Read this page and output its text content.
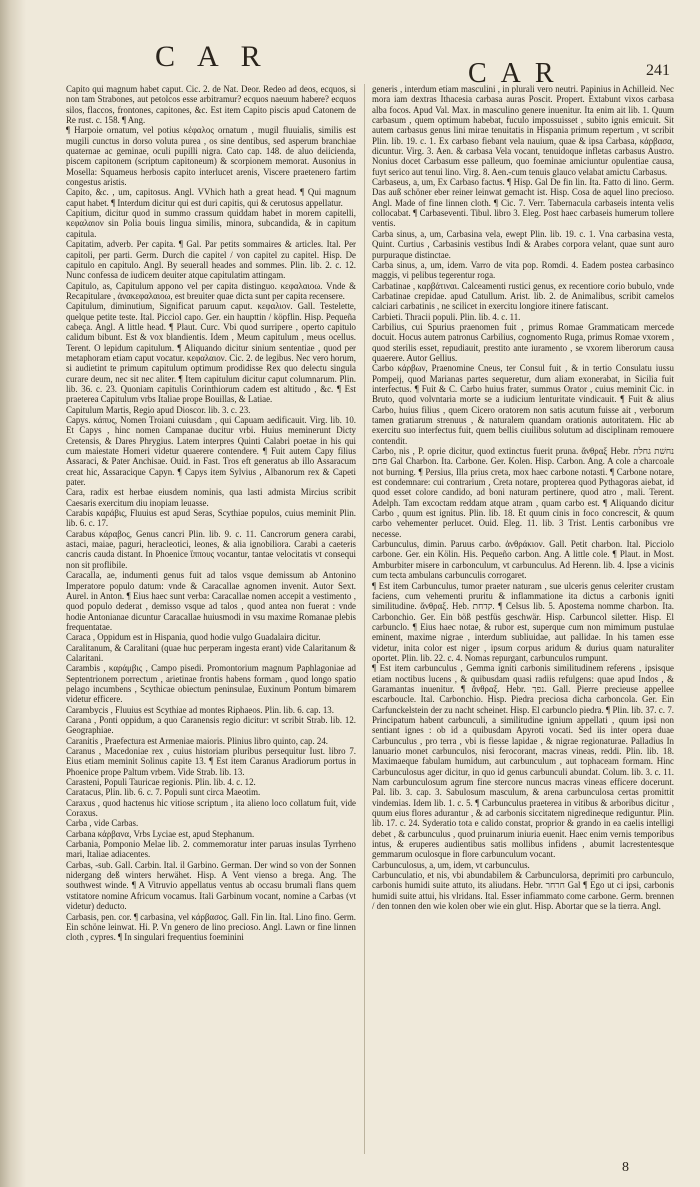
CAR
CAR	241

Capito qui magnum habet caput. Cic. 2. de Nat. Deor. Redeo ad deos, ecquos, si non tam Strabones, aut petolcos esse arbitramur? ecquos naeuum habere? ecquos silos, flaccos, frontones, capitones, &c. Est item Capito piscis apud Catonem de Re rust. c. 158. ¶ Ang.

¶ Harpoie ornatum, vel potius κέφαλος ornatum , mugil fluuialis, similis est mugili cunctus in dorso voluta purea , os sine dentibus, sed asperum branchiae quaternae ac geminae, oculi pupilli nigra. Cato cap. 148. de aluo deiicienda, piscem capitonem (scriptum capitoneum) & scorpionem memorat. Ausonius in Mosella: Squameus herbosis capito interlucet arenis, Viscere praetenero fartim congestus aristis.

Capito, &c. , um, capitosus. Angl. VVhich hath a great head. ¶ Qui magnum caput habet. ¶ Interdum dicitur qui est duri capitis, qui & cerutosus appellatur.

Capitium, dicitur quod in summo crassum quiddam habet in morem capitelli, κεφαλαιον sin Polia bouis lingua similis, minora, subcandida, & in capitum capitula.

Capitatim, adverb. Per capita. ¶ Gal. Par petits sommaires & articles. Ital. Per capitoli, per parti. Germ. Durch die capitel / von capitel zu capitel. Hisp. De capitulo en capitulo. Angl. By seuerall heades and sommes. Plin. lib. 2. c. 12. Nunc confessa de iudicem deuiter atque capitulatim attingam.

Capitulo, as, Capitulum appono vel per capita distinguo. κεφαλαιοω. Vnde & Recapitulare , ἀνακεφαλαιοω, est breuiter quae dicta sunt per capita recensere.

Capitulum, diminutium, Significat paruum caput. κεφαλιον. Gall. Testelette, quelque petite teste. Ital. Picciol capo. Ger. ein haupttin / köpflin. Hisp. Pequeña cabeça. Angl. A little head. ¶ Plaut. Curc. Vbi quod surripere , operto capitulo calidum bibunt. Est & vox blandientis. Idem , Meum capitulum , meus ocellus. Terent. O lepidum capitulum. ¶ Aliquando dicitur sinium sententiae , quod per metaphoram etiam caput vocatur. κεφαλαιον. Cic. 2. de legibus. Nec vero horum, si audietint te primum capitulum optimum prodidisse Rex quo delectu singula curare deum, nec sit nec aliter. ¶ Item capitulum dicitur caput columnarum. Plin. lib. 36. c. 23. Quoniam capitulis Corinthiorum cadem est altitudo , &c. ¶ Est praeterea Capitulum vrbs Italiae prope Bouillas, & Latiae.

Capitulum Martis, Regio apud Dioscor. lib. 3. c. 23.

Capys. κάπυς, Nomen Troiani cuiusdam , qui Capuam aedificauit. Virg. lib. 10. Et Capys , hinc nomen Campanae ducitur vrbi. Huius meminerunt Dicty Cretensis, & Dares Phrygius. Latem interpres Quinti Calabri poetae in his qui cum maiestate Homeri videtur quaerere contendere. ¶ Fuit autem Capy filius Assaraci, & Pater Anchisae. Ouid. in Fast. Tros eft generatus ab illo Assaracum creat hic, Assaracique Capyn. ¶ Capys item Sylvius , Albanorum rex & Capeti pater.

Cara, radix est herbae eiusdem nominis, qua lasti admista Mircius scribit Caesaris exercitum diu inopiam leuasse.

Carabis καράβις, Fluuius est apud Seras, Scythiae populos, cuius meminit Plin. lib. 6. c. 17.

Carabus κάραβος, Genus cancri Plin. lib. 9. c. 11. Cancrorum genera carabi, astaci, maiae, paguri, heracleotici, leones, & alia ignobiliora. Carabi a caeteris cancris cauda distant. In Phoenice ἵππους vocantur, tantae velocitatis vt consequi non sit proflibile.

Caracalla, ae, indumenti genus fuit ad talos vsque demissum ab Antonino Imperatore populo datum: vnde & Caracallae agnomen invenit. Autor Sext. Aurel. in Anton. ¶ Eius haec sunt verba: Caracallae nomen accepit a vestimento , quod populo dederat , demisso vsque ad talos , quod antea non fuerat : vnde hodie Antonianae dicuntur Caracallae huiusmodi in vsu maxime Romanae plebis frequentatae.

Caraca , Oppidum est in Hispania, quod hodie vulgo Guadalaira dicitur.

Caralitanum, & Caralitani (quae huc perperam ingesta erant) vide Calaritanum & Calaritani.

Carambis , καράμβις , Campo pisedi. Promontorium magnum Paphlagoniae ad Septentrionem porrectum , arietinae frontis habens formam , quod longo spatio pelago incumbens , Scythicae obiectum peninsulae, Euxinum Pontum bimarem videtur efficere.

Carambycis , Fluuius est Scythiae ad montes Riphaeos. Plin. lib. 6. cap. 13.

Carana , Ponti oppidum, a quo Caranensis regio dicitur: vt scribit Strab. lib. 12. Geographiae.

Caranitis , Praefectura est Armeniae maioris. Plinius libro quinto, cap. 24.

Caranus , Macedoniae rex , cuius historiam pluribus persequitur Iust. libro 7. Eius etiam meminit Solinus capite 13. ¶ Est item Caranus Aradiorum portus in Phoenice prope Paltum vrbem. Vide Strab. lib. 13.

Carasteni, Populi Tauricae regionis. Plin. lib. 4. c. 12.

Caratacus, Plin. lib. 6. c. 7. Populi sunt circa Maeotim.

Caraxus , quod hactenus hic vitiose scriptum , ita alieno loco collatum fuit, vide Coraxus.

Carba , vide Carbas.

Carbana κάρβανα, Vrbs Lyciae est, apud Stephanum.

Carbania, Pomponio Melae lib. 2. commemoratur inter paruas insulas Tyrrheno mari, Italiae adiacentes.

Carbas, -sub. Gall. Carbin. Ital. il Garbino. German. Der wind so von der Sonnen nidergang deß winters herwähet. Hisp. A Vent vienso a brega. Ang. The southwest winde. ¶ A Vitruvio appellatus ventus ab occasu brumali flans quem vstitatore nomine Africum vocamus. Itali Garbinum vocant, nomine a Carbas (vt videtur) deducto.

Carbasis, pen. cor. ¶ carbasina, vel κάρβασος. Gall. Fin lin. Ital. Lino fino. Germ. Ein schöne leinwat. Hi. P. Vn genero de lino precioso. Angl. Lawn or fine linnen cloth , cypres. ¶ In singulari frequentius foeminini

generis , interdum etiam masculini , in plurali vero neutri. Papinius in Achilleid. Nec mora iam dextras Ithacesia carbasa auras Poscit. Propert. Extabunt vixos carbasa alba focos. Apud Val. Max. in masculino genere inuenitur. Ita enim ait lib. 1. Quum carbasum , quem optimum habebat, fuculo impossuisset , subito ignis emicuit. Sit autem carbasus genus lini mirae tenuitatis in Hispania primum repertum , vt scribit Plin. lib. 19. c. 1. Ex carbaso fiebant vela nauium, quae & ipsa Carbasa, κάρβασα, dicuntur. Virg. 3. Aen. & carbasa Vela vocant, tenuidoque infletas carbasus Austro. Nonius docet Carbasum esse palleum, quo foeminae amiciuntur opulentiae causa, fuyt serico aut tenui lino. Virg. 8. Aen.-cum tenuis glauco velabat amictu Carbasus.

Carbaseus, a, um, Ex Carbaso factus. ¶ Hisp. Gal De fin lin. Ita. Fatto di lino. Germ. Das auß schöner eber reiner leinwat gemacht ist. Hisp. Cosa de aquel lino precioso. Angl. Made of fine linnen cloth. ¶ Cic. 7. Verr. Tabernacula carbaseis intenta velis collocabat. ¶ Carbaseventi. Tibul. libro 3. Eleg. Post haec carbaseis humerum tollere ventis.

Carba sinus, a, um, Carbasina vela, ewept Plin. lib. 19. c. 1. Vna carbasina vesta, Quint. Curtius , Carbasinis vestibus Indi & Arabes corpora velant, quae sunt auro purpuraque distinctae.

Carba sinus, a, um, idem. Varro de vita pop. Romdi. 4. Eadem postea carbasinco maggis, vi pelibus tegerentur roga.

Carbatinae , καρβάτιναι. Calceamenti rustici genus, ex recentiore corio bubulo, vnde Carbatinae crepidae. apud Catullum. Arist. lib. 2. de Animalibus, scribit camelos calciari carbatinis , ne scilicet in exercitu longiore itinere fatiscant.

Carbieti. Thracii populi. Plin. lib. 4. c. 11.

Carbilius, cui Spurius praenomen fuit , primus Romae Grammaticam mercede docuit. Hocus autem patronus Carbilius, cognomento Ruga, primus Romae vxorem , quod sterilis esset, repudiauit, prestito ante iuramento , se vxorem liberorum causa quaerere. Autor Gellius.

Carbo κάρβων, Praenomine Cneus, ter Consul fuit , & in tertio Consulatu iussu Pompeij, quod Marianas partes sequeretur, dum aliam exonerabat, in Sicilia fuit interfectus. ¶ Fuit & C. Carbo huius frater, summus Orator , cuius meminit Cic. in Bruto, quod volvntaria morte se a iudicium lenturitate vindicauit. ¶ Fuit & alius Carbo, huius filius , quem Cicero oratorem non satis acutum fuisse ait , verborum tamen gratiarum strenuus , & naturalem quandam orationis autoritatem. Hic ab exercitu suo interfectus fuit, quem bellis ciuilibus solutum ad disciplinam remouere contendit.

Carbo, nis , P. oprie dicitur, quod extinctus fuerit pruna. ἄνθραξ Hebr. נחשׁת גחלת פחם Gal Charbon. Ita. Carbone. Ger. Kolen. Hisp. Carbon. Ang. A cole a charcoale not burning. ¶ Persius, Illa prius creta, mox haec carbone notasti. ¶ Carbone notare, est condemnare: cui contrarium , Creta notare, propterea quod Pythagoras aiebat, id quod esset colore candido, ad boni naturam pertinere, quod atro , mali. Terent. Adelph. Tam excoctam reddam atque atram , quam carbo est. ¶ Aliquando dicitur Carbo , quum est ignitus. Plin. lib. 18. Et quum cinis in foco concrescit, & quum carbo vehementer perlucet. Ouid. Eleg. 11. lib. 3 Trist. Lentis carbonibus vre necesse.

Carbunculus, dimin. Paruus carbo. ἀνθράκιον. Gall. Petit charbon. Ital. Picciolo carbone. Ger. ein Kölin. His. Pequeño carbon. Ang. A little cole. ¶ Plaut. in Most. Amburbiter misere in carbonculum, vt carbunculus. Ad Herenn. lib. 4. Ipse a vicinis cum tecta ambulans carbunculis corrogaret.

¶ Est item Carbunculus, tumor praeter naturam , sue ulceris genus celeriter crustam faciens, cum vehementi pruritu & inflammatione ita dictus a carbonis igniti similitudine. ἄνθραξ. Heb. קדחת. ¶ Celsus lib. 5. Apostema nomme charbon. Ita. Carbonchio. Ger. Ein böß pestfüs geschwär. Hisp. Carbuncol siletter. Hisp. El carbunclo. ¶ Eius haec notae, & rubor est, superque cum non mimimum pustulae eminent, maxime nigrae , interdum subliuidae, aut pallidae. In his tamen esse videtur, inita color est niger , ipsum corpus aridum & durius quam naturaliter oportet. Plin. lib. 22. c. 4. Nomas repurgant, carbunculos rumpunt.

¶ Est item carbunculus , Gemma igniti carbonis similitudinem referens , ipsisque etiam noctibus lucens , & quibusdam quasi radiis refulgens: quae apud Indos , & Garamantas inuenitur. ¶ ἄνθραξ. Hebr. נפך. Gall. Pierre precieuse appellee escarboucle. Ital. Carbonchio. Hisp. Piedra preciosa dicha carboncola. Ger. Ein Carfunckelstein der zu nacht scheinet. Hisp. El carbunclo piedra. ¶ Plin. lib. 37. c. 7. Principatum habent carbunculi, a similitudine ignium appellati , quum ipsi non sentiant ignes : ob id a quibusdam Apyroti vocati. Sed iis inter opera duae Carbunculus , pro terra , vbi is fiesse lapidae , & nigrae regionaturae. Palladius In lanuario monet carbunculos, nisi ferocorant, macras vineas, reddi. Plin. lib. 18. Maximaeque fabulam humidum, aut carbunculum , aut tophaceam formam. Hinc Carbunculosus ager dicitur, in quo id genus carbunculi abundat. Colum. lib. 3. c. 11. Nam carbunculosum agrum fine stercore nuncus macras vineas efficere docerunt. Pal. lib. 3. cap. 3. Sabulosum masculum, & arena carbunculosa certas promittit vindemias. Idem lib. 1. c. 5. ¶ Carbunculus praeterea in vitibus & arboribus dicitur , quum eius flores adurantur , & ad carbonis siccitatem nigredineque rediguntur. Plin. lib. 17. c. 24. Syderatio tota e calido constat, proprior & grando in ea caelis intelligi debet , & carbunculus , quod pruinarum iniuria euenit. Haec enim vernis temporibus intus, & eruperes audientibus satis mollibus infidens , abumit lacrestentesque gemmarum oculosque in flore carbunculum vocant.

Carbunculosus, a, um, idem, vt carbunculus.

Carbunculatio, et nis, vbi abundabilem & Carbunculorsa, deprimiti pro carbunculo, carbonis humidi suite attuto, its aliudans. Hebr. חרחר Gal ¶ Ego ut ci ipsi, carbonis humidi suite attui, his vlridans. Ital. Esser infiammato come carbone. Germ. brennen / den tonnen den wie kolen ober wie ein glut. Hisp. Abortar que se la tierra. Angl.

8
